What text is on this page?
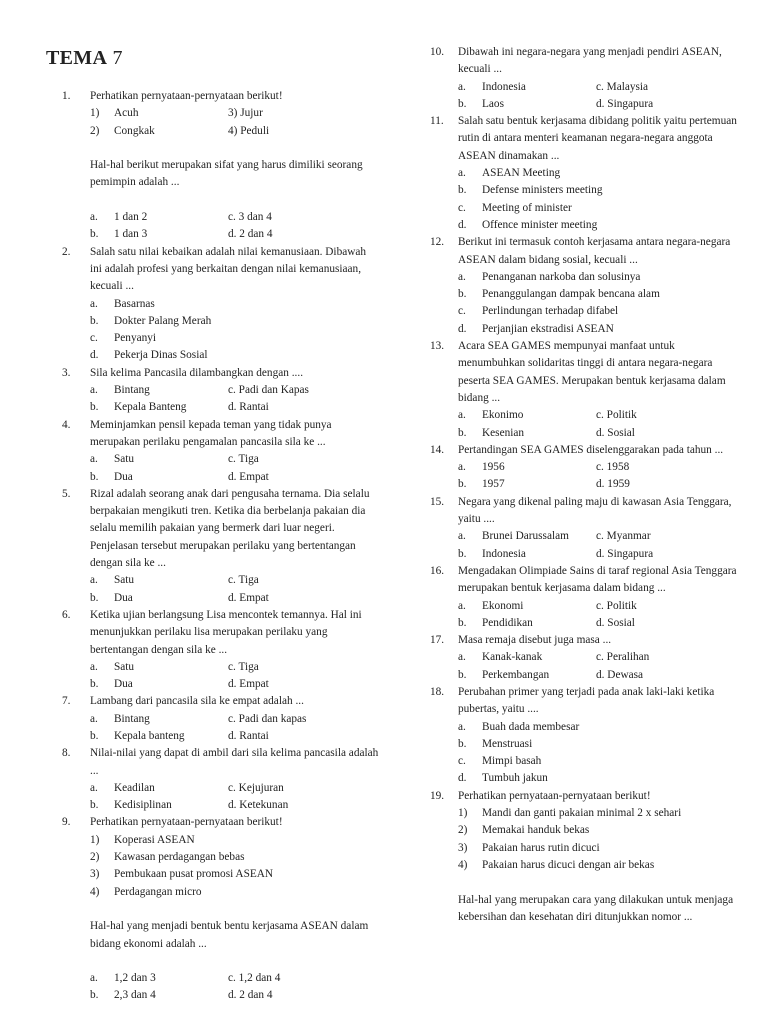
TEMA 7
1.	Perhatikan pernyataan-pernyataan berikut!
1)	Acuh	3) Jujur
2)	Congkak	4) Peduli
Hal-hal berikut merupakan sifat yang harus dimiliki seorang pemimpin adalah ...
a.	1 dan 2	c. 3 dan 4
b.	1 dan 3	d. 2 dan 4
2.	Salah satu nilai kebaikan adalah nilai kemanusiaan. Dibawah ini adalah profesi yang berkaitan dengan nilai kemanusiaan, kecuali ...
a.	Basarnas
b.	Dokter Palang Merah
c.	Penyanyi
d.	Pekerja Dinas Sosial
3.	Sila kelima Pancasila dilambangkan dengan ....
a.	Bintang	c. Padi dan Kapas
b.	Kepala Banteng	d. Rantai
4.	Meminjamkan pensil kepada teman yang tidak punya merupakan perilaku pengamalan pancasila sila ke ...
a.	Satu	c. Tiga
b.	Dua	d. Empat
5.	Rizal adalah seorang anak dari pengusaha ternama. Dia selalu berpakaian mengikuti tren. Ketika dia berbelanja pakaian dia selalu memilih pakaian yang bermerk dari luar negeri. Penjelasan tersebut merupakan perilaku yang bertentangan dengan sila ke ...
a.	Satu	c. Tiga
b.	Dua	d. Empat
6.	Ketika ujian berlangsung Lisa mencontek temannya. Hal ini menunjukkan perilaku lisa merupakan perilaku yang bertentangan dengan sila ke ...
a.	Satu	c. Tiga
b.	Dua	d. Empat
7.	Lambang dari pancasila sila ke empat adalah ...
a.	Bintang	c. Padi dan kapas
b.	Kepala banteng	d. Rantai
8.	Nilai-nilai yang dapat di ambil dari sila kelima pancasila adalah ...
a.	Keadilan	c. Kejujuran
b.	Kedisiplinan	d. Ketekunan
9.	Perhatikan pernyataan-pernyataan berikut!
1)	Koperasi ASEAN
2)	Kawasan perdagangan bebas
3)	Pembukaan pusat promosi ASEAN
4)	Perdagangan micro
Hal-hal yang menjadi bentuk bentu kerjasama ASEAN dalam bidang ekonomi adalah ...
a.	1,2 dan 3	c. 1,2 dan 4
b.	2,3 dan 4	d. 2 dan 4
10.	Dibawah ini negara-negara yang menjadi pendiri ASEAN, kecuali ...
a.	Indonesia	c. Malaysia
b.	Laos	d. Singapura
11.	Salah satu bentuk kerjasama dibidang politik yaitu pertemuan rutin di antara menteri keamanan negara-negara anggota ASEAN dinamakan ...
a.	ASEAN Meeting
b.	Defense ministers meeting
c.	Meeting of minister
d.	Offence minister meeting
12.	Berikut ini termasuk contoh kerjasama antara negara-negara ASEAN dalam bidang sosial, kecuali ...
a.	Penanganan narkoba dan solusinya
b.	Penanggulangan dampak bencana alam
c.	Perlindungan terhadap difabel
d.	Perjanjian ekstradisi ASEAN
13.	Acara SEA GAMES mempunyai manfaat untuk menumbuhkan solidaritas tinggi di antara negara-negara peserta SEA GAMES. Merupakan bentuk kerjasama dalam bidang ...
a.	Ekonimo	c. Politik
b.	Kesenian	d. Sosial
14.	Pertandingan SEA GAMES diselenggarakan pada tahun ...
a.	1956	c. 1958
b.	1957	d. 1959
15.	Negara yang dikenal paling maju di kawasan Asia Tenggara, yaitu ....
a.	Brunei Darussalam c. Myanmar
b.	Indonesia	d. Singapura
16.	Mengadakan Olimpiade Sains di taraf regional Asia Tenggara merupakan bentuk kerjasama dalam bidang ...
a.	Ekonomi	c. Politik
b.	Pendidikan	d. Sosial
17.	Masa remaja disebut juga masa ...
a.	Kanak-kanak	c. Peralihan
b.	Perkembangan	d. Dewasa
18.	Perubahan primer yang terjadi pada anak laki-laki ketika pubertas, yaitu ....
a.	Buah dada membesar
b.	Menstruasi
c.	Mimpi basah
d.	Tumbuh jakun
19.	Perhatikan pernyataan-pernyataan berikut!
1)	Mandi dan ganti pakaian minimal 2 x sehari
2)	Memakai handuk bekas
3)	Pakaian harus rutin dicuci
4)	Pakaian harus dicuci dengan air bekas
Hal-hal yang merupakan cara yang dilakukan untuk menjaga kebersihan dan kesehatan diri ditunjukkan nomor ...
